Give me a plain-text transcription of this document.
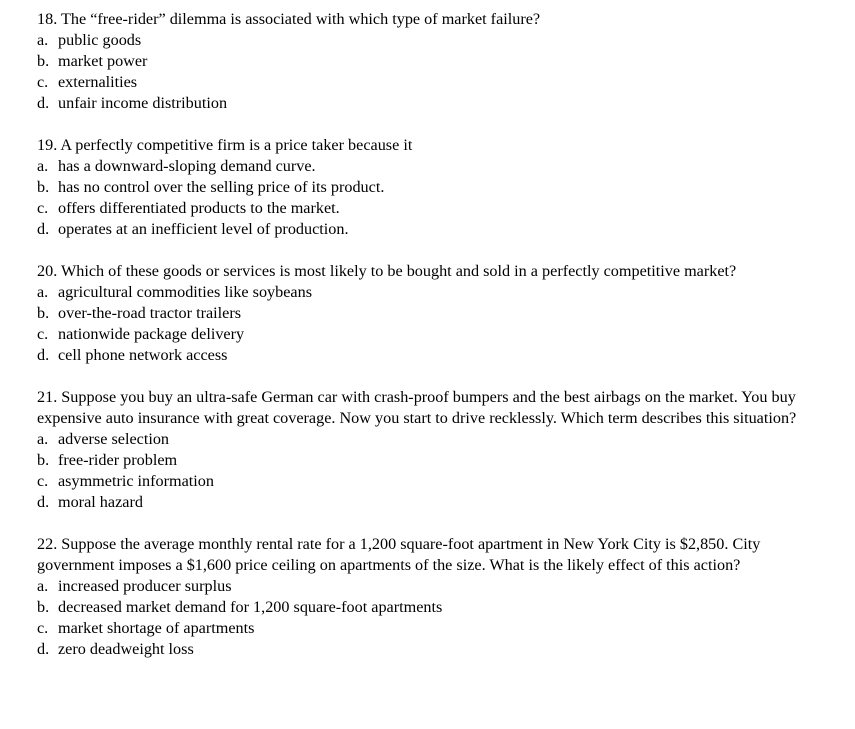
18. The “free-rider” dilemma is associated with which type of market failure?

a. public goods
b. market power
c. externalities
d. unfair income distribution

19. A perfectly competitive firm is a price taker because it

a. has a downward-sloping demand curve.
b. has no control over the selling price of its product.
c. offers differentiated products to the market.
d. operates at an inefficient level of production.

20. Which of these goods or services is most likely to be bought and sold in a perfectly competitive market?

a. agricultural commodities like soybeans
b. over-the-road tractor trailers
c. nationwide package delivery
d. cell phone network access

21. Suppose you buy an ultra-safe German car with crash-proof bumpers and the best airbags on the market. You buy expensive auto insurance with great coverage. Now you start to drive recklessly. Which term describes this situation?

a. adverse selection
b. free-rider problem
c. asymmetric information
d. moral hazard

22. Suppose the average monthly rental rate for a 1,200 square-foot apartment in New York City is $2,850. City government imposes a $1,600 price ceiling on apartments of the size. What is the likely effect of this action?

a. increased producer surplus
b. decreased market demand for 1,200 square-foot apartments
c. market shortage of apartments
d. zero deadweight loss
